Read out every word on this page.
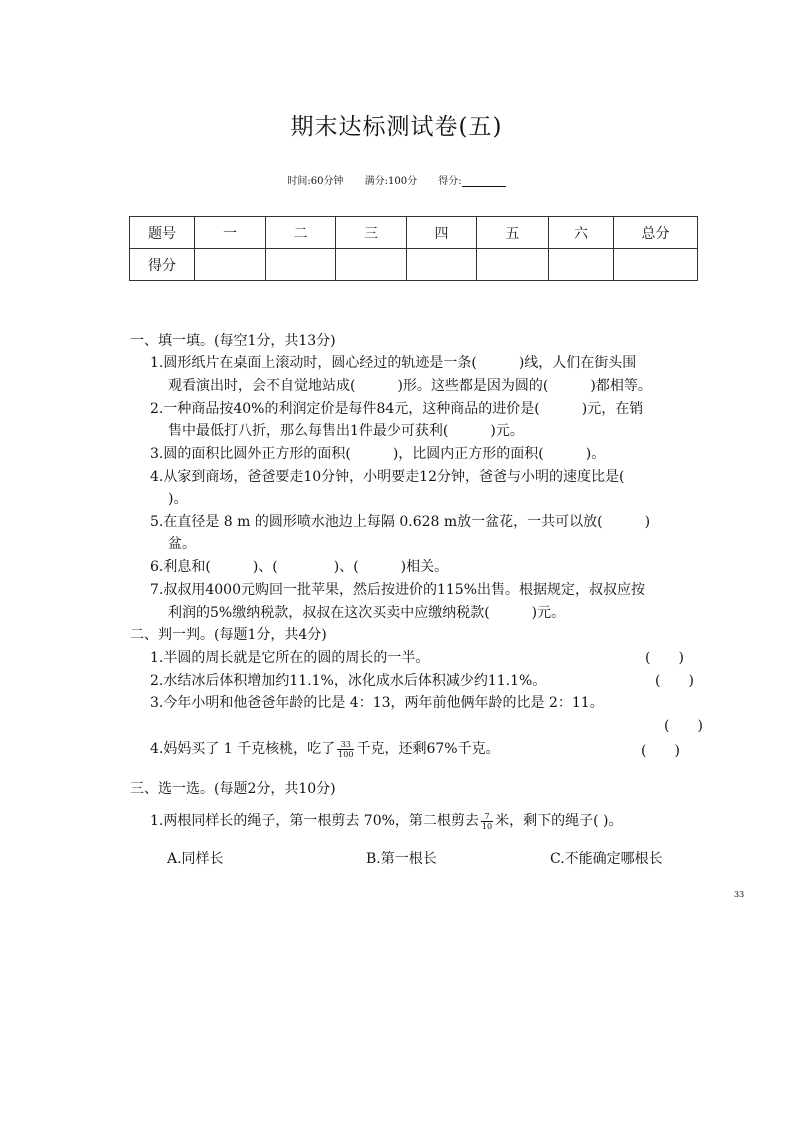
期末达标测试卷(五)
时间:60分钟 满分:100分 得分:
题号	一	二	三	四	五	六	总分
得分							
一、填一填。(每空1分，共13分)
1.圆形纸片在桌面上滚动时，圆心经过的轨迹是一条(　　　)线，人们在街头围
观看演出时，会不自觉地站成(　　　)形。这些都是因为圆的(　　　)都相等。
2.一种商品按40%的利润定价是每件84元，这种商品的进价是(　　　)元，在销
售中最低打八折，那么每售出1件最少可获利(　　　)元。
3.圆的面积比圆外正方形的面积(　　　)，比圆内正方形的面积(　　　)。
4.从家到商场，爸爸要走10分钟，小明要走12分钟，爸爸与小明的速度比是(
)。
5.在直径是 8 m 的圆形喷水池边上每隔 0.628 m放一盆花，一共可以放(　　　)
盆。
6.利息和(　　　)、(　　　　)、(　　　)相关。
7.叔叔用4000元购回一批苹果，然后按进价的115%出售。根据规定，叔叔应按
利润的5%缴纳税款，叔叔在这次买卖中应缴纳税款(　　　)元。
二、判一判。(每题1分，共4分)
1.半圆的周长就是它所在的圆的周长的一半。	(　　)
2.水结冰后体积增加约11.1%，冰化成水后体积减少约11.1%。	(　　)
3.今年小明和他爸爸年龄的比是 4：13，两年前他俩年龄的比是 2：11。
(　　)
4.妈妈买了 1 千克核桃，吃了 $\frac{33}{100}$ 千克，还剩67%千克。	(　　)
三、选一选。(每题2分，共10分)
1.两根同样长的绳子，第一根剪去 70%，第二根剪去 $\frac{7}{10}$ 米，剩下的绳子( )。
A.同样长	B.第一根长	C.不能确定哪根长
33
